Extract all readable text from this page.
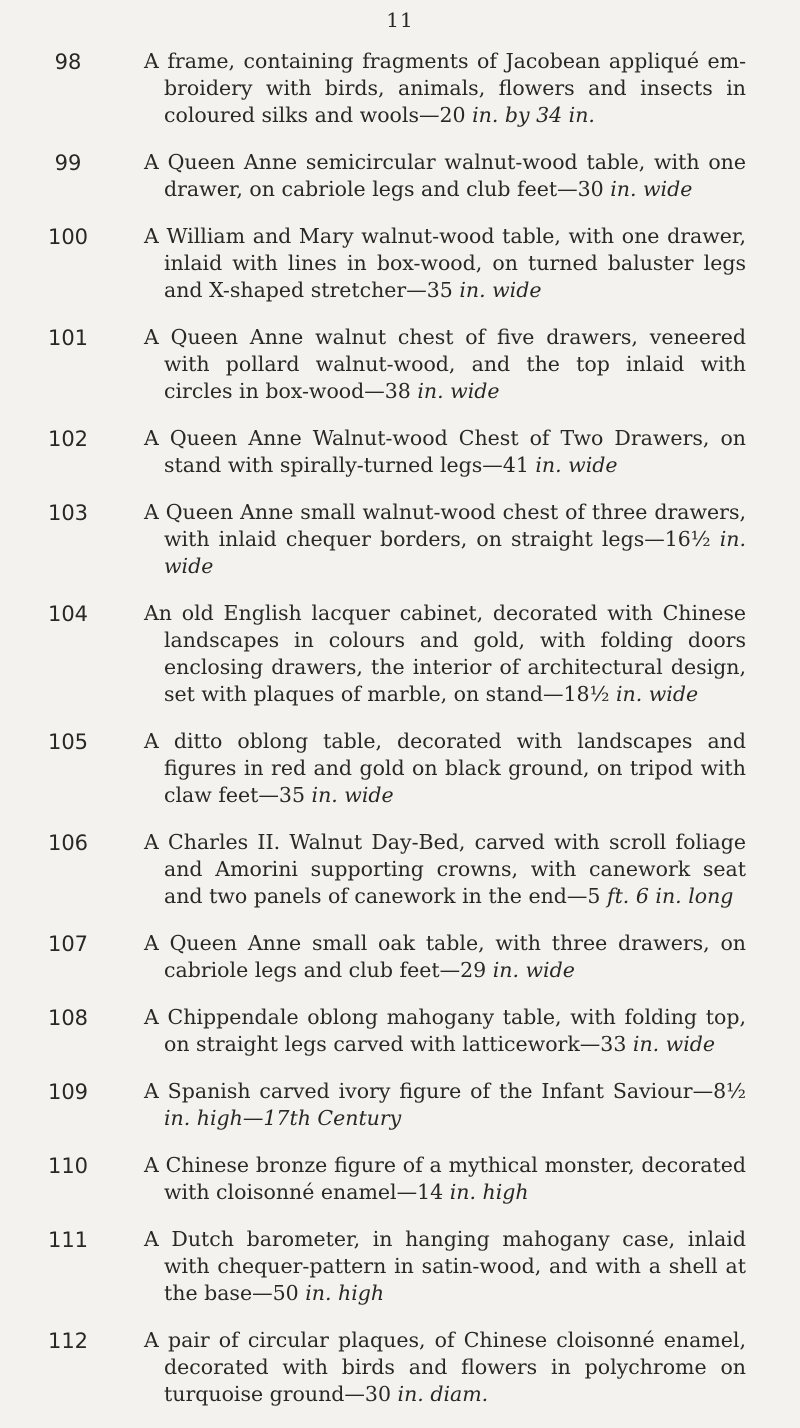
11
98	A frame, containing fragments of Jacobean appliqué em-broidery with birds, animals, flowers and insects in coloured silks and wools—20 in. by 34 in.
99	A Queen Anne semicircular walnut-wood table, with one drawer, on cabriole legs and club feet—30 in. wide
100	A William and Mary walnut-wood table, with one drawer, inlaid with lines in box-wood, on turned baluster legs and X-shaped stretcher—35 in. wide
101	A Queen Anne walnut chest of five drawers, veneered with pollard walnut-wood, and the top inlaid with circles in box-wood—38 in. wide
102	A Queen Anne Walnut-wood Chest of Two Drawers, on stand with spirally-turned legs—41 in. wide
103	A Queen Anne small walnut-wood chest of three drawers, with inlaid chequer borders, on straight legs—16½ in. wide
104	An old English lacquer cabinet, decorated with Chinese landscapes in colours and gold, with folding doors enclosing drawers, the interior of architectural design, set with plaques of marble, on stand—18½ in. wide
105	A ditto oblong table, decorated with landscapes and figures in red and gold on black ground, on tripod with claw feet—35 in. wide
106	A Charles II. Walnut Day-Bed, carved with scroll foliage and Amorini supporting crowns, with canework seat and two panels of canework in the end—5 ft. 6 in. long
107	A Queen Anne small oak table, with three drawers, on cabriole legs and club feet—29 in. wide
108	A Chippendale oblong mahogany table, with folding top, on straight legs carved with latticework—33 in. wide
109	A Spanish carved ivory figure of the Infant Saviour—8½ in. high—17th Century
110	A Chinese bronze figure of a mythical monster, decorated with cloisonné enamel—14 in. high
111	A Dutch barometer, in hanging mahogany case, inlaid with chequer-pattern in satin-wood, and with a shell at the base—50 in. high
112	A pair of circular plaques, of Chinese cloisonné enamel, decorated with birds and flowers in polychrome on turquoise ground—30 in. diam.
